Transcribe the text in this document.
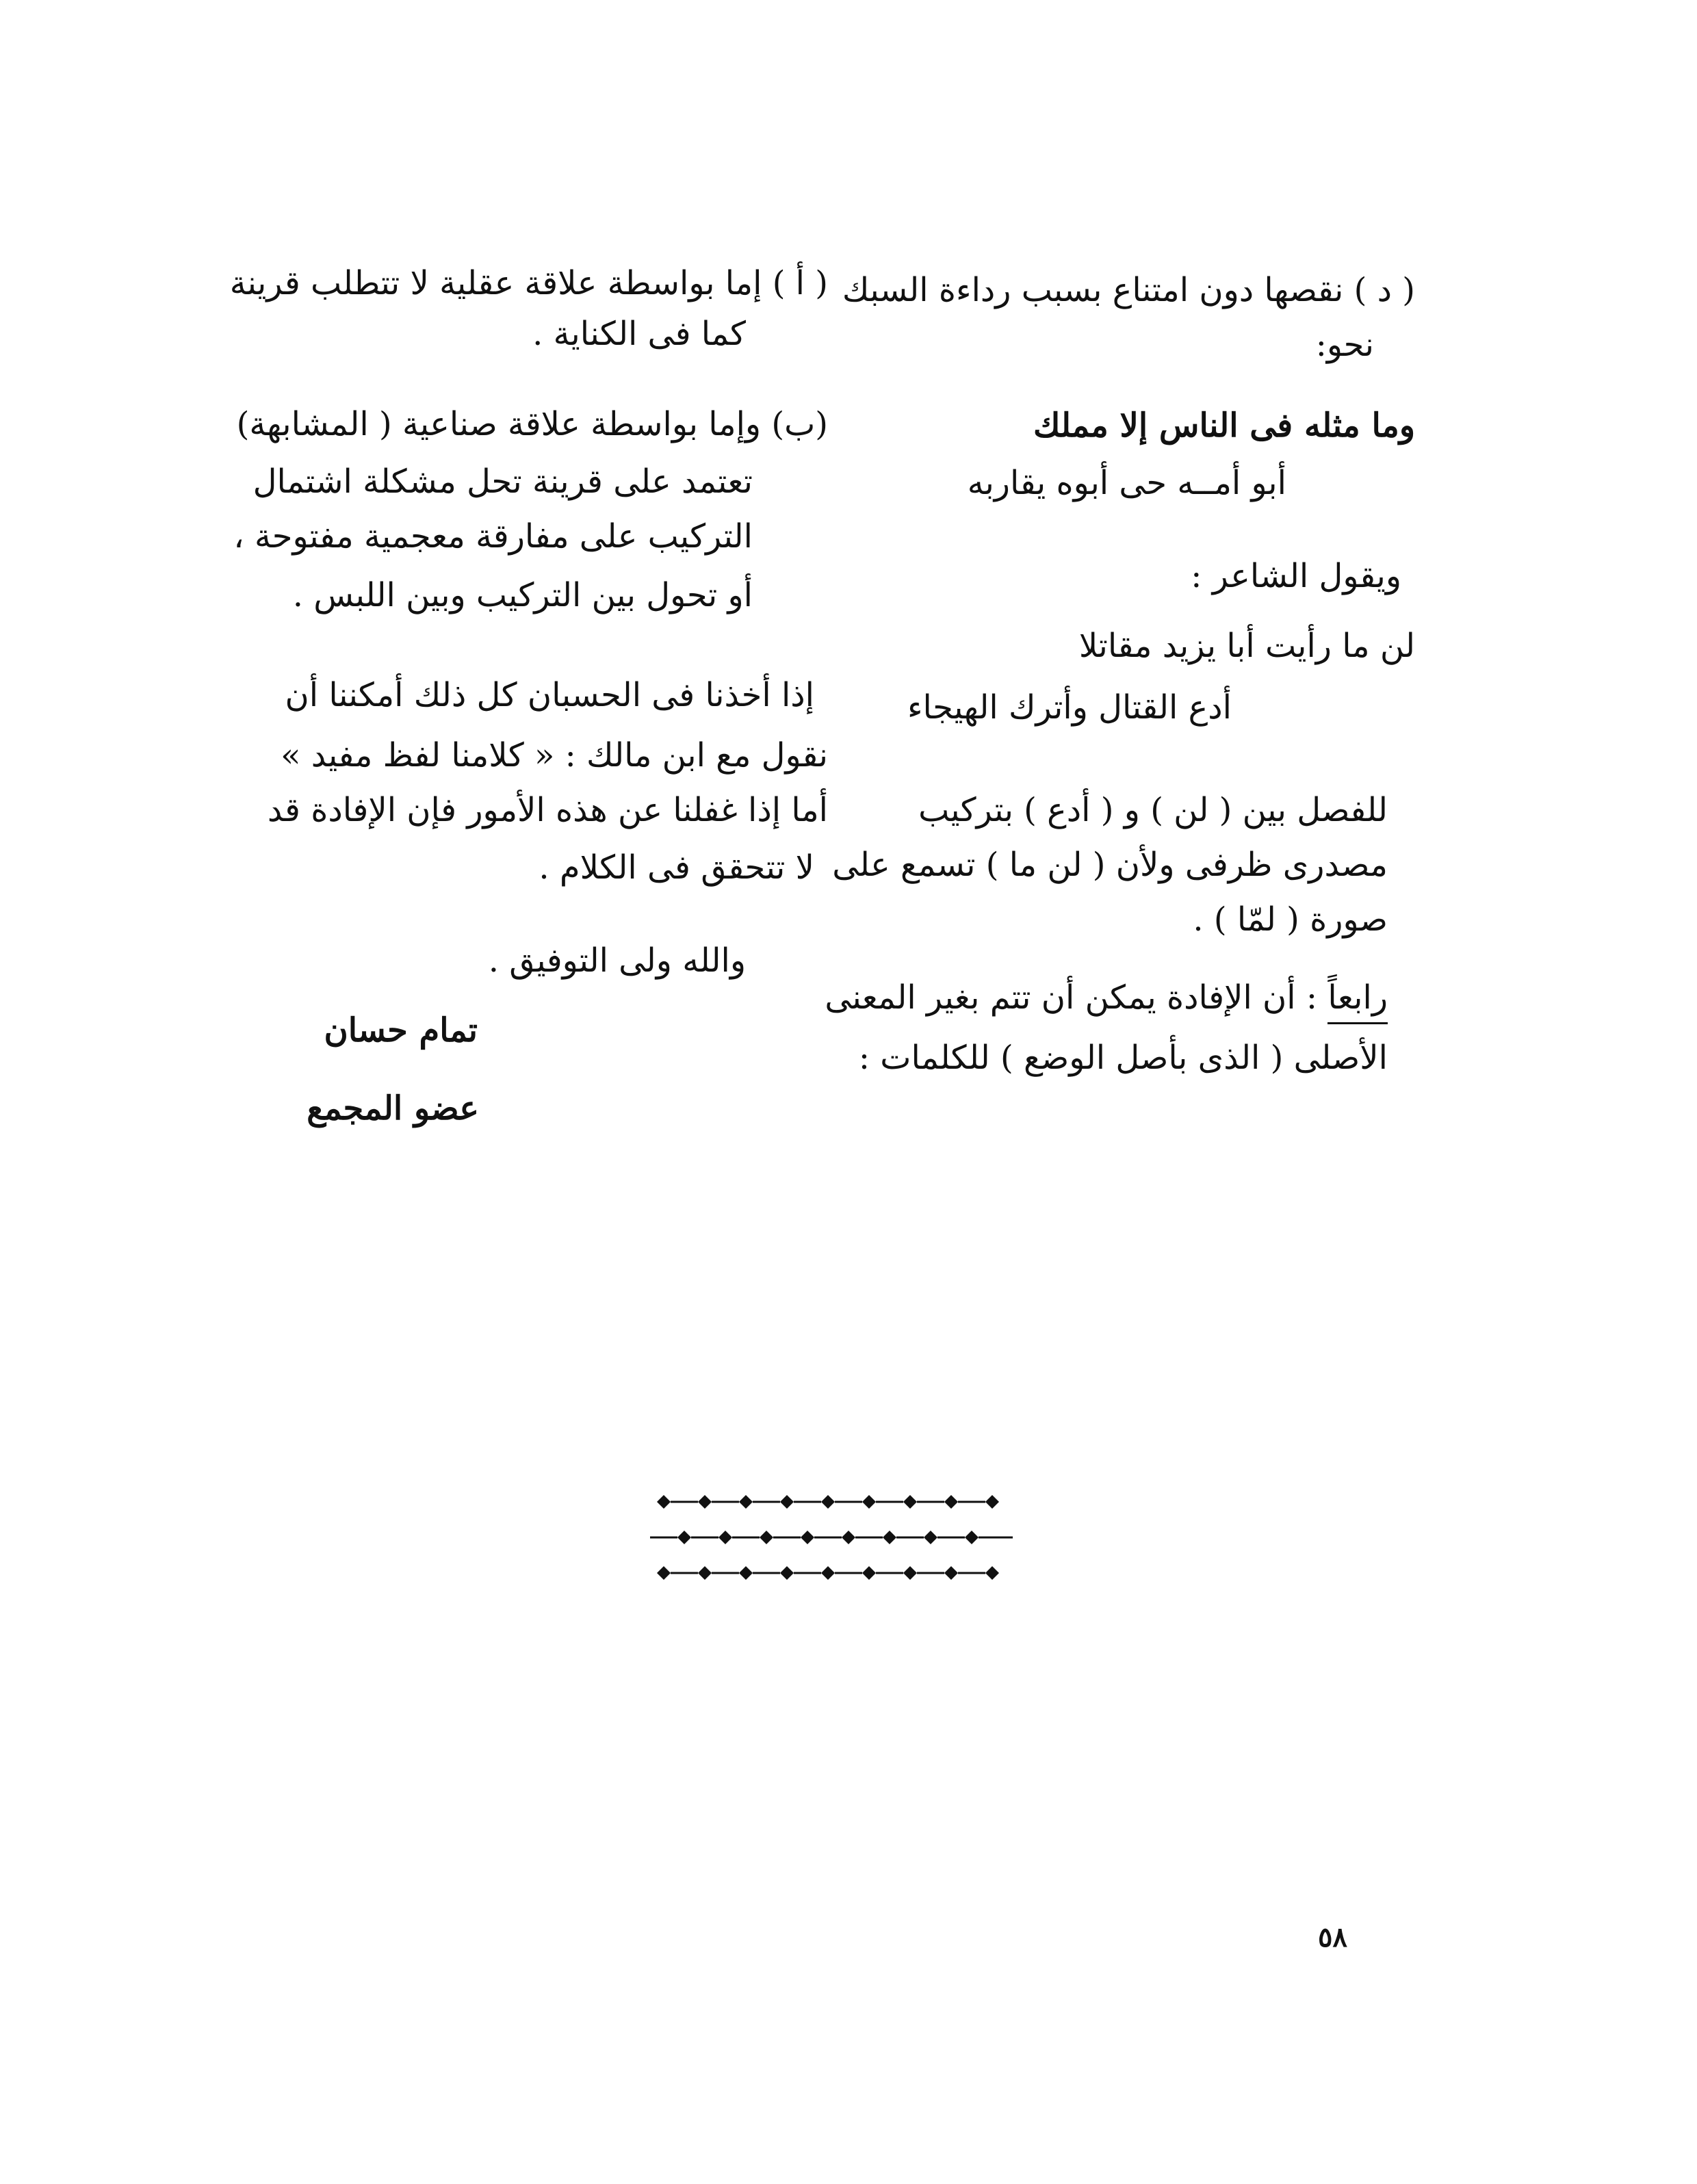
( د ) نقصها دون امتناع بسبب رداءة السبك
نحو:
وما مثله فى الناس إلا مملك
أبو أمــه حى أبوه يقاربه
ويقول الشاعر :
لن ما رأيت أبا يزيد مقاتلا
أدع القتال وأترك الهيجاء
للفصل بين ( لن ) و ( أدع ) بتركيب
مصدرى ظرفى ولأن ( لن ما ) تسمع على
صورة ( لمّا ) .
رابعاً : أن الإفادة يمكن أن تتم بغير المعنى
الأصلى ( الذى بأصل الوضع ) للكلمات :
( أ ) إما بواسطة علاقة عقلية لا تتطلب قرينة
كما فى الكناية .
(ب) وإما بواسطة علاقة صناعية ( المشابهة)
تعتمد على قرينة تحل مشكلة اشتمال
التركيب على مفارقة معجمية مفتوحة ،
أو تحول بين التركيب وبين اللبس .
إذا أخذنا فى الحسبان كل ذلك أمكننا أن
نقول مع ابن مالك : « كلامنا لفظ مفيد »
أما إذا غفلنا عن هذه الأمور فإن الإفادة قد
لا تتحقق فى الكلام .
والله ولى التوفيق .
تمام حسان
عضو المجمع
٥٨
